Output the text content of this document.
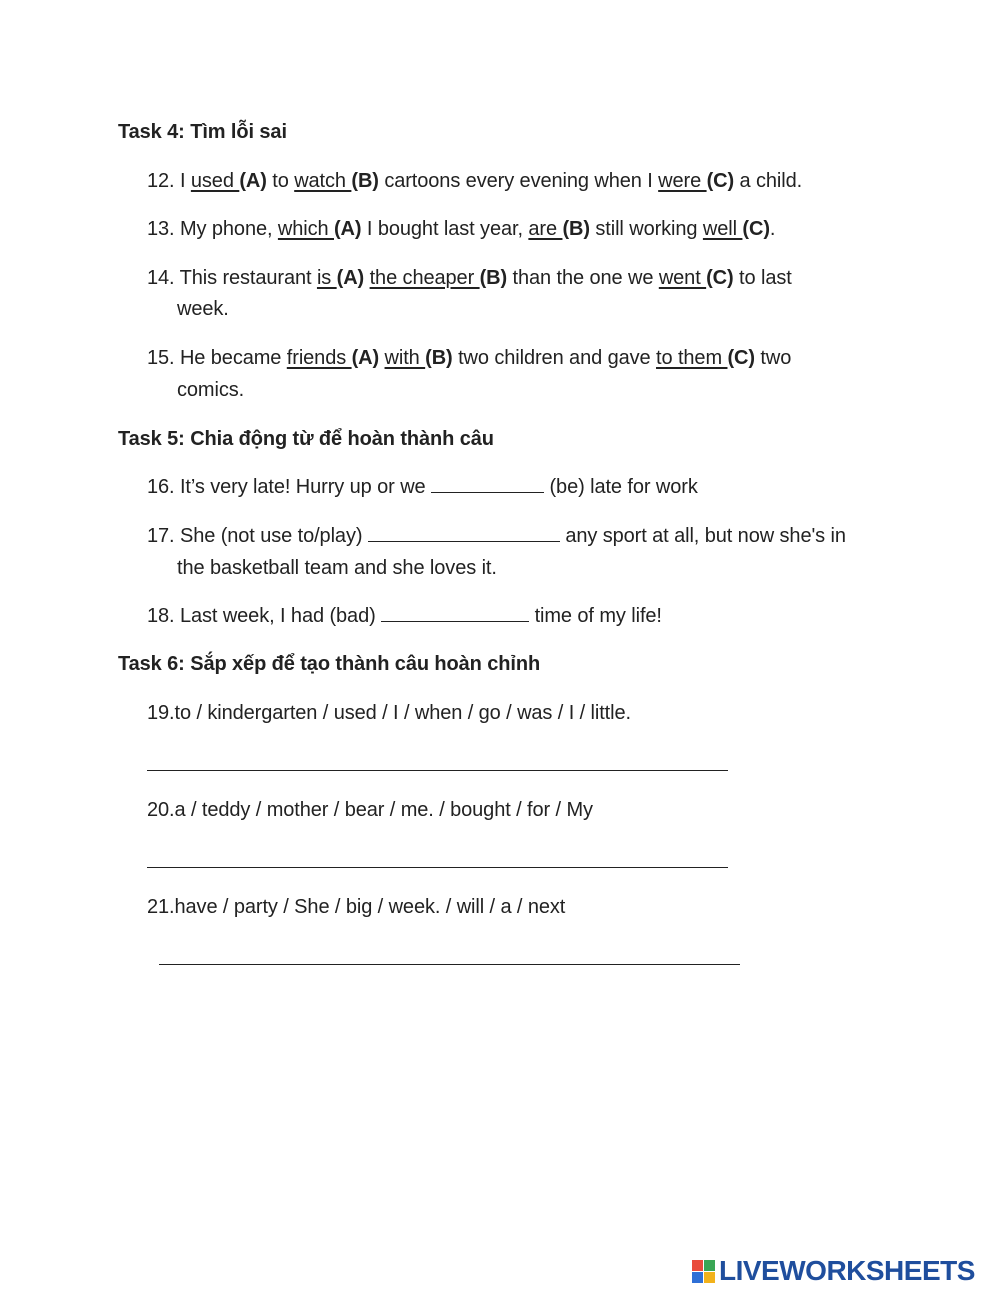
Task 4: Tìm lỗi sai
12. I used (A) to watch (B) cartoons every evening when I were (C) a child.
13. My phone, which (A) I bought last year, are (B) still working well (C).
14. This restaurant is (A) the cheaper (B) than the one we went (C) to last
week.
15. He became friends (A) with (B) two children and gave to them (C) two
comics.
Task 5: Chia động từ để hoàn thành câu
16. It’s very late! Hurry up or we	(be) late for work
17. She (not use to/play)	any sport at all, but now she's in
the basketball team and she loves it.
18. Last week, I had (bad)	time of my life!
Task 6: Sắp xếp để tạo thành câu hoàn chỉnh
19.to / kindergarten / used / I / when / go / was / I / little.
20.a / teddy / mother / bear / me. / bought / for / My
21.have / party / She / big / week. / will / a / next
LIVEWORKSHEETS
